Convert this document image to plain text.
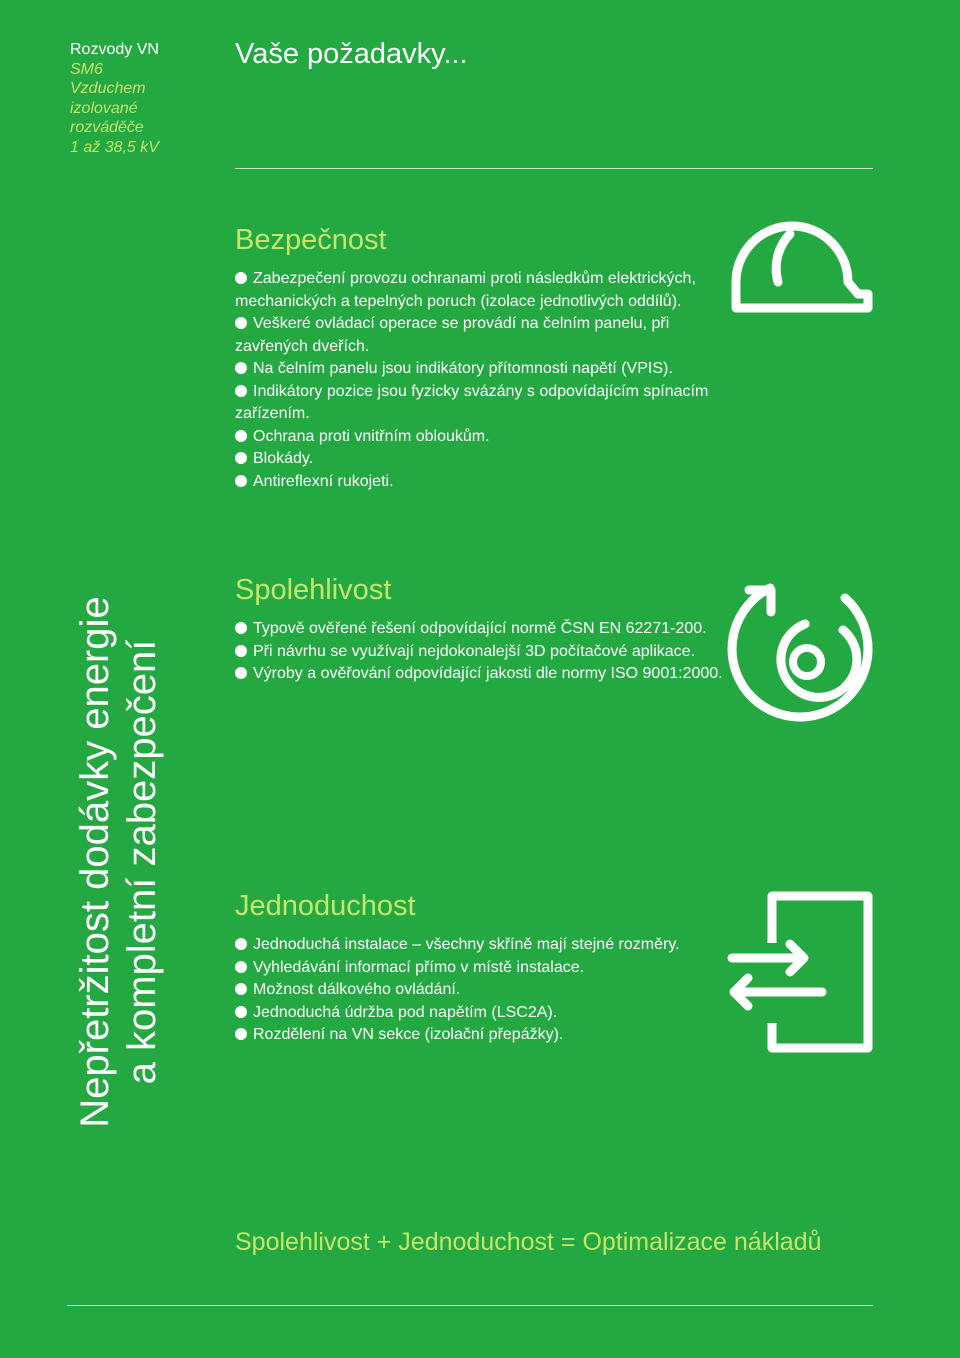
Rozvody VN
SM6
Vzduchem
izolované
rozváděče
1 až 38,5 kV
Vaše požadavky...
Nepřetržitost dodávky energie a kompletní zabezpečení
Bezpečnost
Zabezpečení provozu ochranami proti následkům elektrických, mechanických a tepelných poruch (izolace jednotlivých oddílů).
Veškeré ovládací operace se provádí na čelním panelu, při zavřených dveřích.
Na čelním panelu jsou indikátory přítomnosti napětí (VPIS).
Indikátory pozice jsou fyzicky svázány s odpovídajícím spínacím zařízením.
Ochrana proti vnitřním obloukům.
Blokády.
Antireflexní rukojeti.
Spolehlivost
Typově ověřené řešení odpovídající normě ČSN EN 62271-200.
Při návrhu se využívají nejdokonalejší 3D počítačové aplikace.
Výroby a ověřování odpovídající jakosti dle normy ISO 9001:2000.
Jednoduchost
Jednoduchá instalace – všechny skříně mají stejné rozměry.
Vyhledávání informací přímo v místě instalace.
Možnost dálkového ovládání.
Jednoduchá údržba pod napětím (LSC2A).
Rozdělení na VN sekce (izolační přepážky).
Spolehlivost + Jednoduchost = Optimalizace nákladů
